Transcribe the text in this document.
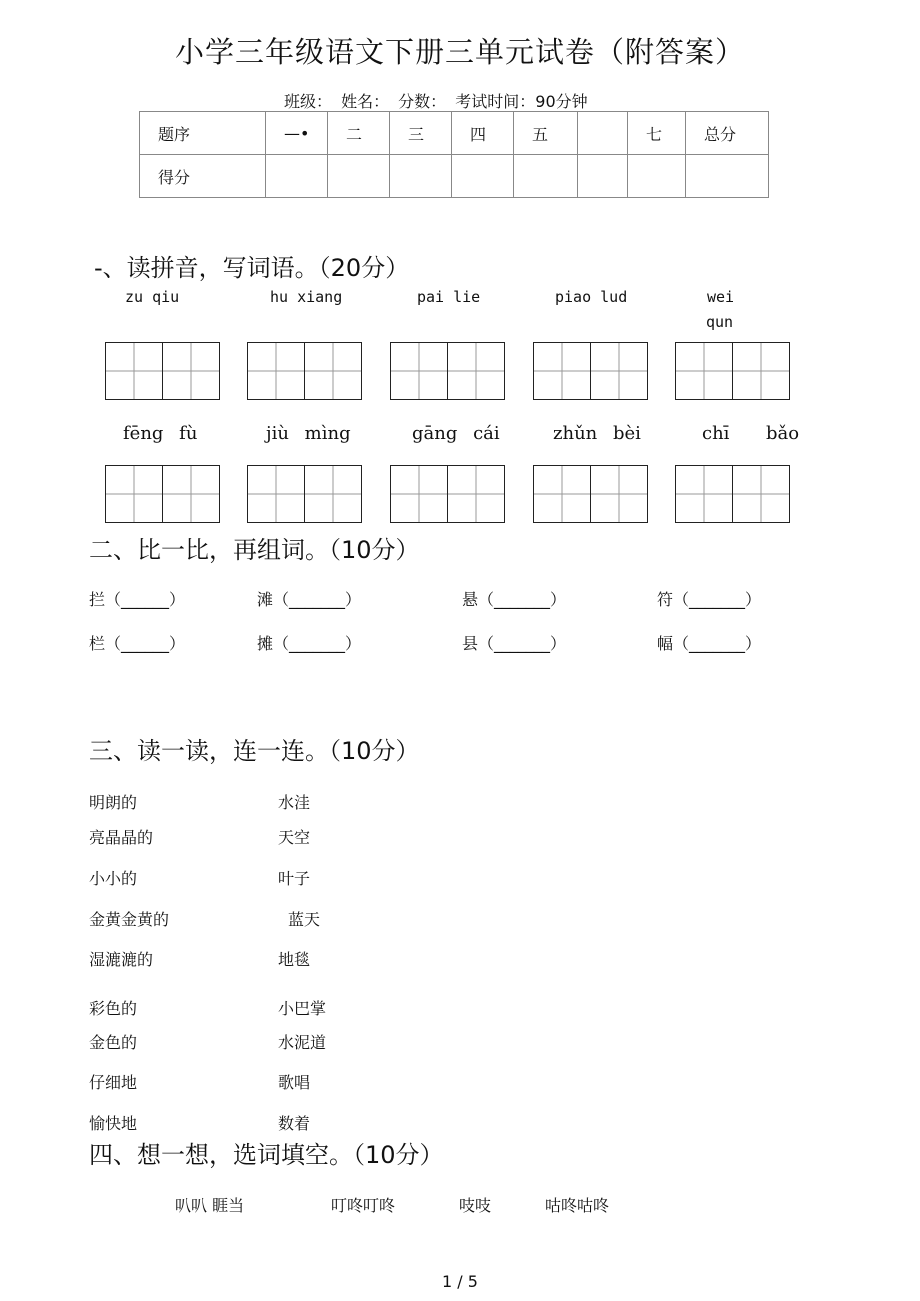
小学三年级语文下册三单元试卷（附答案）
班级： 姓名： 分数： 考试时间：90分钟
题序	—•	二	三	四	五		七	总分
得分								
-、读拼音，写词语。（20分）
zu qiu	hu xiang	pai lie	piao lud	wei
qun
fēng fù	jiù mìng	gāng cái	zhǔn bèi	chī bǎo
二、比一比，再组词。（10分）
拦（______）	滩（_______）	悬（_______）	符（_______）
栏（______）	摊（_______）	县（_______）	幅（_______）
三、读一读，连一连。（10分）
明朗的
亮晶晶的
小小的
金黄金黄的
湿漉漉的
彩色的
金色的
仔细地
愉快地
水洼
天空
叶子
蓝天
地毯
小巴掌
水泥道
歌唱
数着
四、想一想，选词填空。（10分）
叭叭 睚当	叮咚叮咚	吱吱	咕咚咕咚
1 / 5
